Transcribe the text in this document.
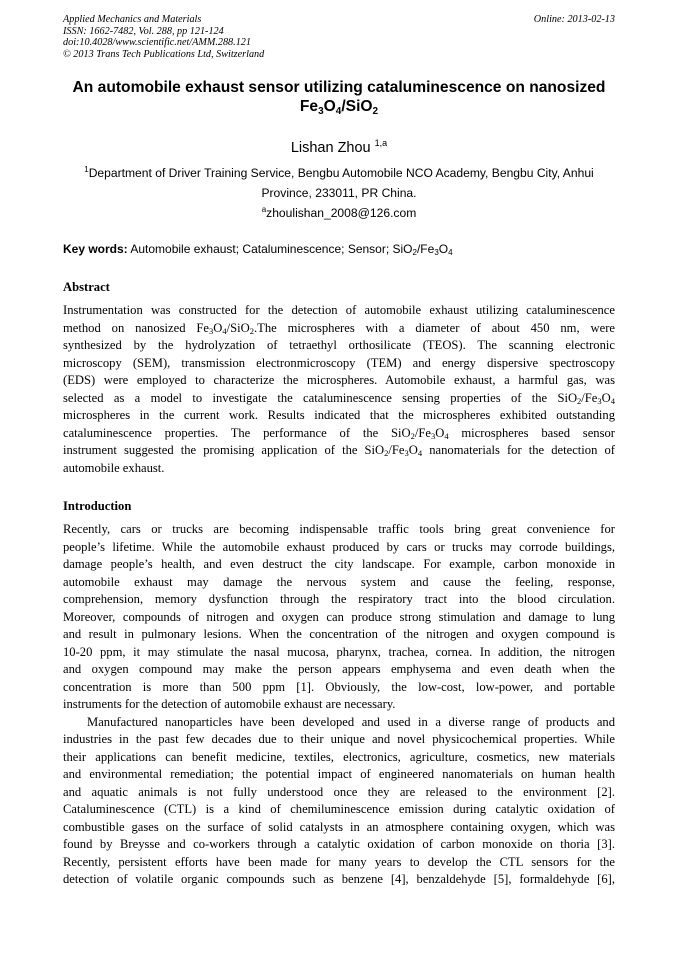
Applied Mechanics and Materials
ISSN: 1662-7482, Vol. 288, pp 121-124
doi:10.4028/www.scientific.net/AMM.288.121
© 2013 Trans Tech Publications Ltd, Switzerland
Online: 2013-02-13
An automobile exhaust sensor utilizing cataluminescence on nanosized
$Fe_3O_4/SiO_2$
Lishan Zhou $^{1,a}$
$^1$Department of Driver Training Service, Bengbu Automobile NCO Academy, Bengbu City, Anhui
Province, 233011, PR China.
$^a$zhoulishan_2008@126.com
Key words: Automobile exhaust; Cataluminescence; Sensor; $SiO_2/Fe_3O_4$
Abstract
Instrumentation was constructed for the detection of automobile exhaust utilizing cataluminescence
method on nanosized $Fe_3O_4/SiO_2.The$ microspheres with a diameter of about 450 nm, were
synthesized by the hydrolyzation of tetraethyl orthosilicate (TEOS). The scanning electronic
microscopy (SEM), transmission electronmicroscopy (TEM) and energy dispersive spectroscopy
(EDS) were employed to characterize the microspheres. Automobile exhaust, a harmful gas, was
selected as a model to investigate the cataluminescence sensing properties of the $SiO_2/Fe_3O_4$
microspheres in the current work. Results indicated that the microspheres exhibited outstanding
cataluminescence properties. The performance of the $SiO_2/Fe_3O_4$ microspheres based sensor
instrument suggested the promising application of the $SiO_2/Fe_3O_4$ nanomaterials for the detection of
automobile exhaust.
Introduction
Recently, cars or trucks are becoming indispensable traffic tools bring great convenience for
people’s lifetime. While the automobile exhaust produced by cars or trucks may corrode buildings,
damage people’s health, and even destruct the city landscape. For example, carbon monoxide in
automobile exhaust may damage the nervous system and cause the feeling, response,
comprehension, memory dysfunction through the respiratory tract into the blood circulation.
Moreover, compounds of nitrogen and oxygen can produce strong stimulation and damage to lung
and result in pulmonary lesions. When the concentration of the nitrogen and oxygen compound is
10-20 ppm, it may stimulate the nasal mucosa, pharynx, trachea, cornea. In addition, the nitrogen
and oxygen compound may make the person appears emphysema and even death when the
concentration is more than 500 ppm [1]. Obviously, the low-cost, low-power, and portable
instruments for the detection of automobile exhaust are necessary.
Manufactured nanoparticles have been developed and used in a diverse range of products and
industries in the past few decades due to their unique and novel physicochemical properties. While
their applications can benefit medicine, textiles, electronics, agriculture, cosmetics, new materials
and environmental remediation; the potential impact of engineered nanomaterials on human health
and aquatic animals is not fully understood once they are released to the environment [2].
Cataluminescence (CTL) is a kind of chemiluminescence emission during catalytic oxidation of
combustible gases on the surface of solid catalysts in an atmosphere containing oxygen, which was
found by Breysse and co-workers through a catalytic oxidation of carbon monoxide on thoria [3].
Recently, persistent efforts have been made for many years to develop the CTL sensors for the
detection of volatile organic compounds such as benzene [4], benzaldehyde [5], formaldehyde [6],
